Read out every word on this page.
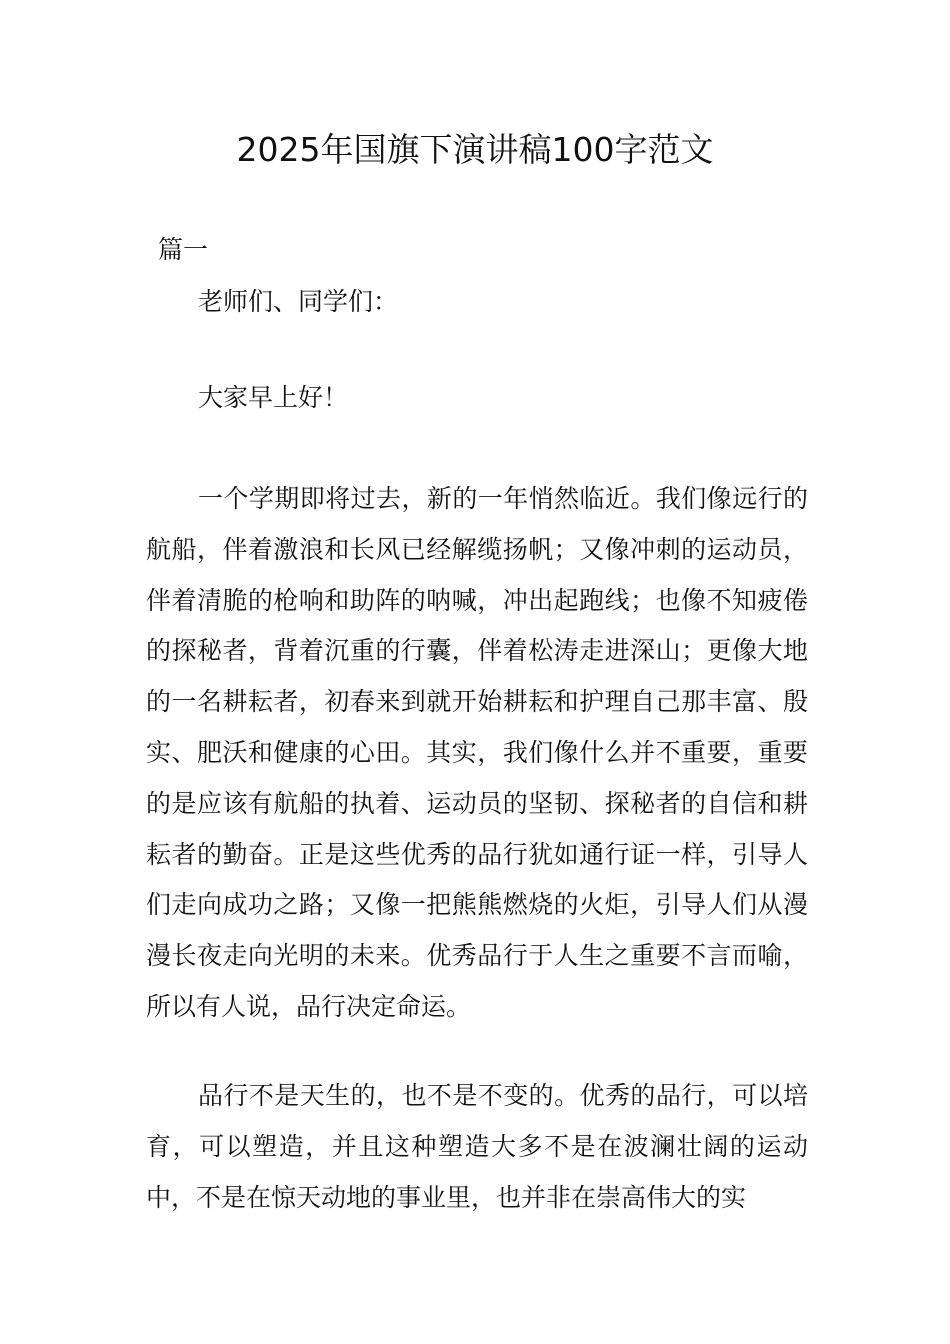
2025年国旗下演讲稿100字范文

篇一

老师们、同学们：

大家早上好！

一个学期即将过去，新的一年悄然临近。我们像远行的航船，伴着激浪和长风已经解缆扬帆；又像冲刺的运动员，伴着清脆的枪响和助阵的呐喊，冲出起跑线；也像不知疲倦的探秘者，背着沉重的行囊，伴着松涛走进深山；更像大地的一名耕耘者，初春来到就开始耕耘和护理自己那丰富、殷实、肥沃和健康的心田。其实，我们像什么并不重要，重要的是应该有航船的执着、运动员的坚韧、探秘者的自信和耕耘者的勤奋。正是这些优秀的品行犹如通行证一样，引导人们走向成功之路；又像一把熊熊燃烧的火炬，引导人们从漫漫长夜走向光明的未来。优秀品行于人生之重要不言而喻，所以有人说，品行决定命运。

品行不是天生的，也不是不变的。优秀的品行，可以培育，可以塑造，并且这种塑造大多不是在波澜壮阔的运动中，不是在惊天动地的事业里，也并非在崇高伟大的实
